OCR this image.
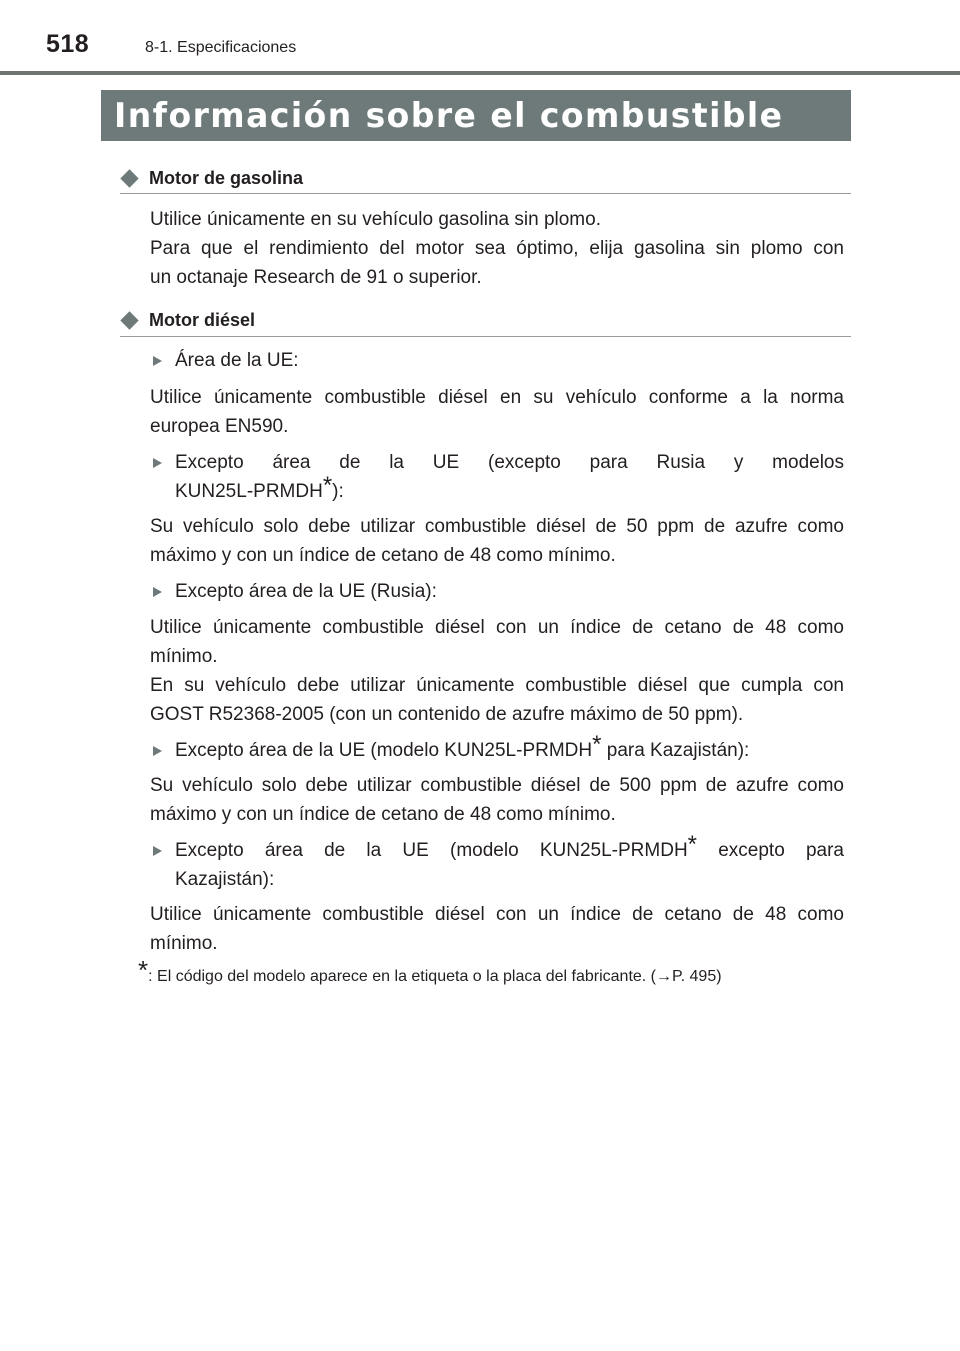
518	8-1. Especificaciones
Información sobre el combustible
Motor de gasolina
Utilice únicamente en su vehículo gasolina sin plomo.
Para que el rendimiento del motor sea óptimo, elija gasolina sin plomo con
un octanaje Research de 91 o superior.
Motor diésel
Área de la UE:
Utilice únicamente combustible diésel en su vehículo conforme a la norma europea EN590.
Excepto área de la UE (excepto para Rusia y modelos
KUN25L-PRMDH*):
Su vehículo solo debe utilizar combustible diésel de 50 ppm de azufre como máximo y con un índice de cetano de 48 como mínimo.
Excepto área de la UE (Rusia):
Utilice únicamente combustible diésel con un índice de cetano de 48 como mínimo.
En su vehículo debe utilizar únicamente combustible diésel que cumpla con GOST R52368-2005 (con un contenido de azufre máximo de 50 ppm).
Excepto área de la UE (modelo KUN25L-PRMDH* para Kazajistán):
Su vehículo solo debe utilizar combustible diésel de 500 ppm de azufre como máximo y con un índice de cetano de 48 como mínimo.
Excepto área de la UE (modelo KUN25L-PRMDH* excepto para
Kazajistán):
Utilice únicamente combustible diésel con un índice de cetano de 48 como mínimo.
*: El código del modelo aparece en la etiqueta o la placa del fabricante. (→P. 495)
